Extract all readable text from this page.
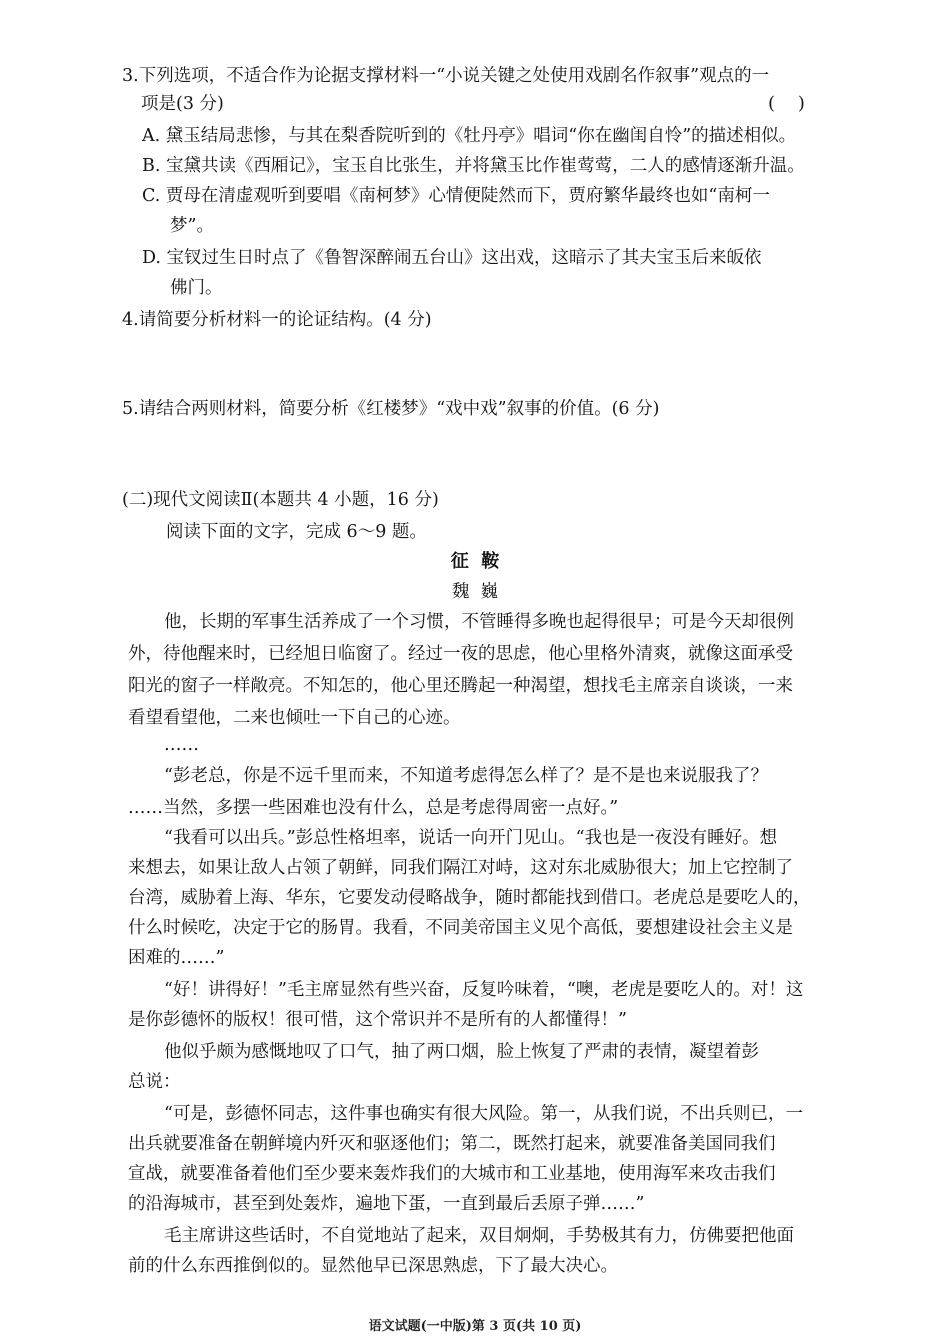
3.下列选项，不适合作为论据支撑材料一“小说关键之处使用戏剧名作叙事”观点的一
项是(3 分)	(    )
A. 黛玉结局悲惨，与其在梨香院听到的《牡丹亭》唱词“你在幽闺自怜”的描述相似。
B. 宝黛共读《西厢记》，宝玉自比张生，并将黛玉比作崔莺莺，二人的感情逐渐升温。
C. 贾母在清虚观听到要唱《南柯梦》心情便陡然而下，贾府繁华最终也如“南柯一
梦”。
D. 宝钗过生日时点了《鲁智深醉闹五台山》这出戏，这暗示了其夫宝玉后来皈依
佛门。
4.请简要分析材料一的论证结构。(4 分)
5.请结合两则材料，简要分析《红楼梦》“戏中戏”叙事的价值。(6 分)
(二)现代文阅读Ⅱ(本题共 4 小题，16 分)
阅读下面的文字，完成 6～9 题。
征  鞍
魏  巍
他，长期的军事生活养成了一个习惯，不管睡得多晚也起得很早；可是今天却很例
外，待他醒来时，已经旭日临窗了。经过一夜的思虑，他心里格外清爽，就像这面承受
阳光的窗子一样敞亮。不知怎的，他心里还腾起一种渴望，想找毛主席亲自谈谈，一来
看望看望他，二来也倾吐一下自己的心迹。
……
“彭老总，你是不远千里而来，不知道考虑得怎么样了？是不是也来说服我了？
……当然，多摆一些困难也没有什么，总是考虑得周密一点好。”
“我看可以出兵。”彭总性格坦率，说话一向开门见山。“我也是一夜没有睡好。想
来想去，如果让敌人占领了朝鲜，同我们隔江对峙，这对东北威胁很大；加上它控制了
台湾，威胁着上海、华东，它要发动侵略战争，随时都能找到借口。老虎总是要吃人的，
什么时候吃，决定于它的肠胃。我看，不同美帝国主义见个高低，要想建设社会主义是
困难的……”
“好！讲得好！”毛主席显然有些兴奋，反复吟味着，“噢，老虎是要吃人的。对！这
是你彭德怀的版权！很可惜，这个常识并不是所有的人都懂得！”
他似乎颇为感慨地叹了口气，抽了两口烟，脸上恢复了严肃的表情，凝望着彭
总说：
“可是，彭德怀同志，这件事也确实有很大风险。第一，从我们说，不出兵则已，一
出兵就要准备在朝鲜境内歼灭和驱逐他们；第二，既然打起来，就要准备美国同我们
宣战，就要准备着他们至少要来轰炸我们的大城市和工业基地，使用海军来攻击我们
的沿海城市，甚至到处轰炸，遍地下蛋，一直到最后丢原子弹……”
毛主席讲这些话时，不自觉地站了起来，双目炯炯，手势极其有力，仿佛要把他面
前的什么东西推倒似的。显然他早已深思熟虑，下了最大决心。
语文试题(一中版)第 3 页(共 10 页)
